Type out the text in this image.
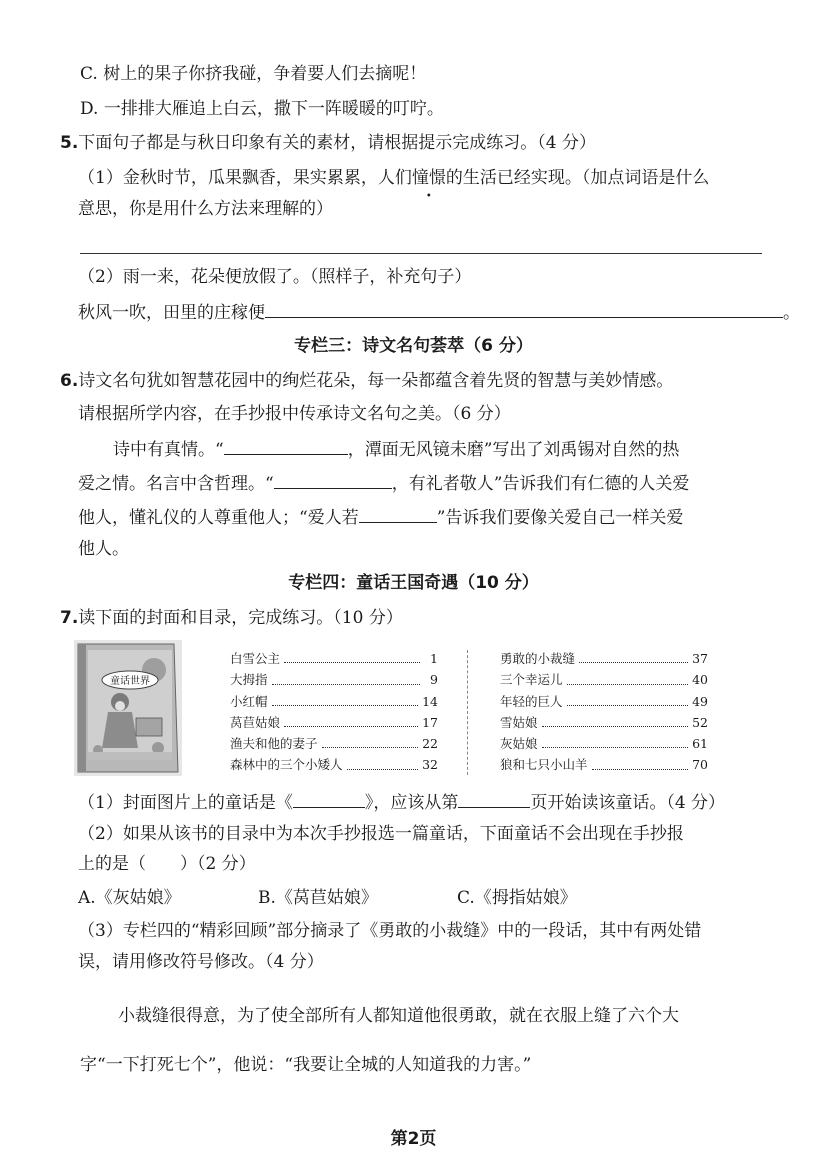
C. 树上的果子你挤我碰，争着要人们去摘呢！
D. 一排排大雁追上白云，撒下一阵暖暖的叮咛。
5.下面句子都是与秋日印象有关的素材，请根据提示完成练习。（4 分）
（1）金秋时节，瓜果飘香，果实累累，人们憧憬的生活已经实现。（加点词语是什么
意思，你是用什么方法来理解的）
（2）雨一来，花朵便放假了。（照样子，补充句子）
秋风一吹，田里的庄稼便	。
专栏三：诗文名句荟萃（6 分）
6.诗文名句犹如智慧花园中的绚烂花朵，每一朵都蕴含着先贤的智慧与美妙情感。
请根据所学内容，在手抄报中传承诗文名句之美。（6 分）
诗中有真情。“	，潭面无风镜未磨”写出了刘禹锡对自然的热
爱之情。名言中含哲理。“	，有礼者敬人”告诉我们有仁德的人关爱
他人，懂礼仪的人尊重他人；“爱人若	”告诉我们要像关爱自己一样关爱
他人。
专栏四：童话王国奇遇（10 分）
7.读下面的封面和目录，完成练习。（10 分）
童话世界
白雪公主	1
大拇指	9
小红帽	14
莴苣姑娘	17
渔夫和他的妻子	22
森林中的三个小矮人	32
勇敢的小裁缝	37
三个幸运儿	40
年轻的巨人	49
雪姑娘	52
灰姑娘	61
狼和七只小山羊	70
（1）封面图片上的童话是《	》，应该从第	页开始读该童话。（4 分）
（2）如果从该书的目录中为本次手抄报选一篇童话，下面童话不会出现在手抄报
上的是（　　）（2 分）
A.《灰姑娘》	B.《莴苣姑娘》	C.《拇指姑娘》
（3）专栏四的“精彩回顾”部分摘录了《勇敢的小裁缝》中的一段话，其中有两处错
误，请用修改符号修改。（4 分）
小裁缝很得意，为了使全部所有人都知道他很勇敢，就在衣服上缝了六个大
字“一下打死七个”，他说：“我要让全城的人知道我的力害。”
第2页
